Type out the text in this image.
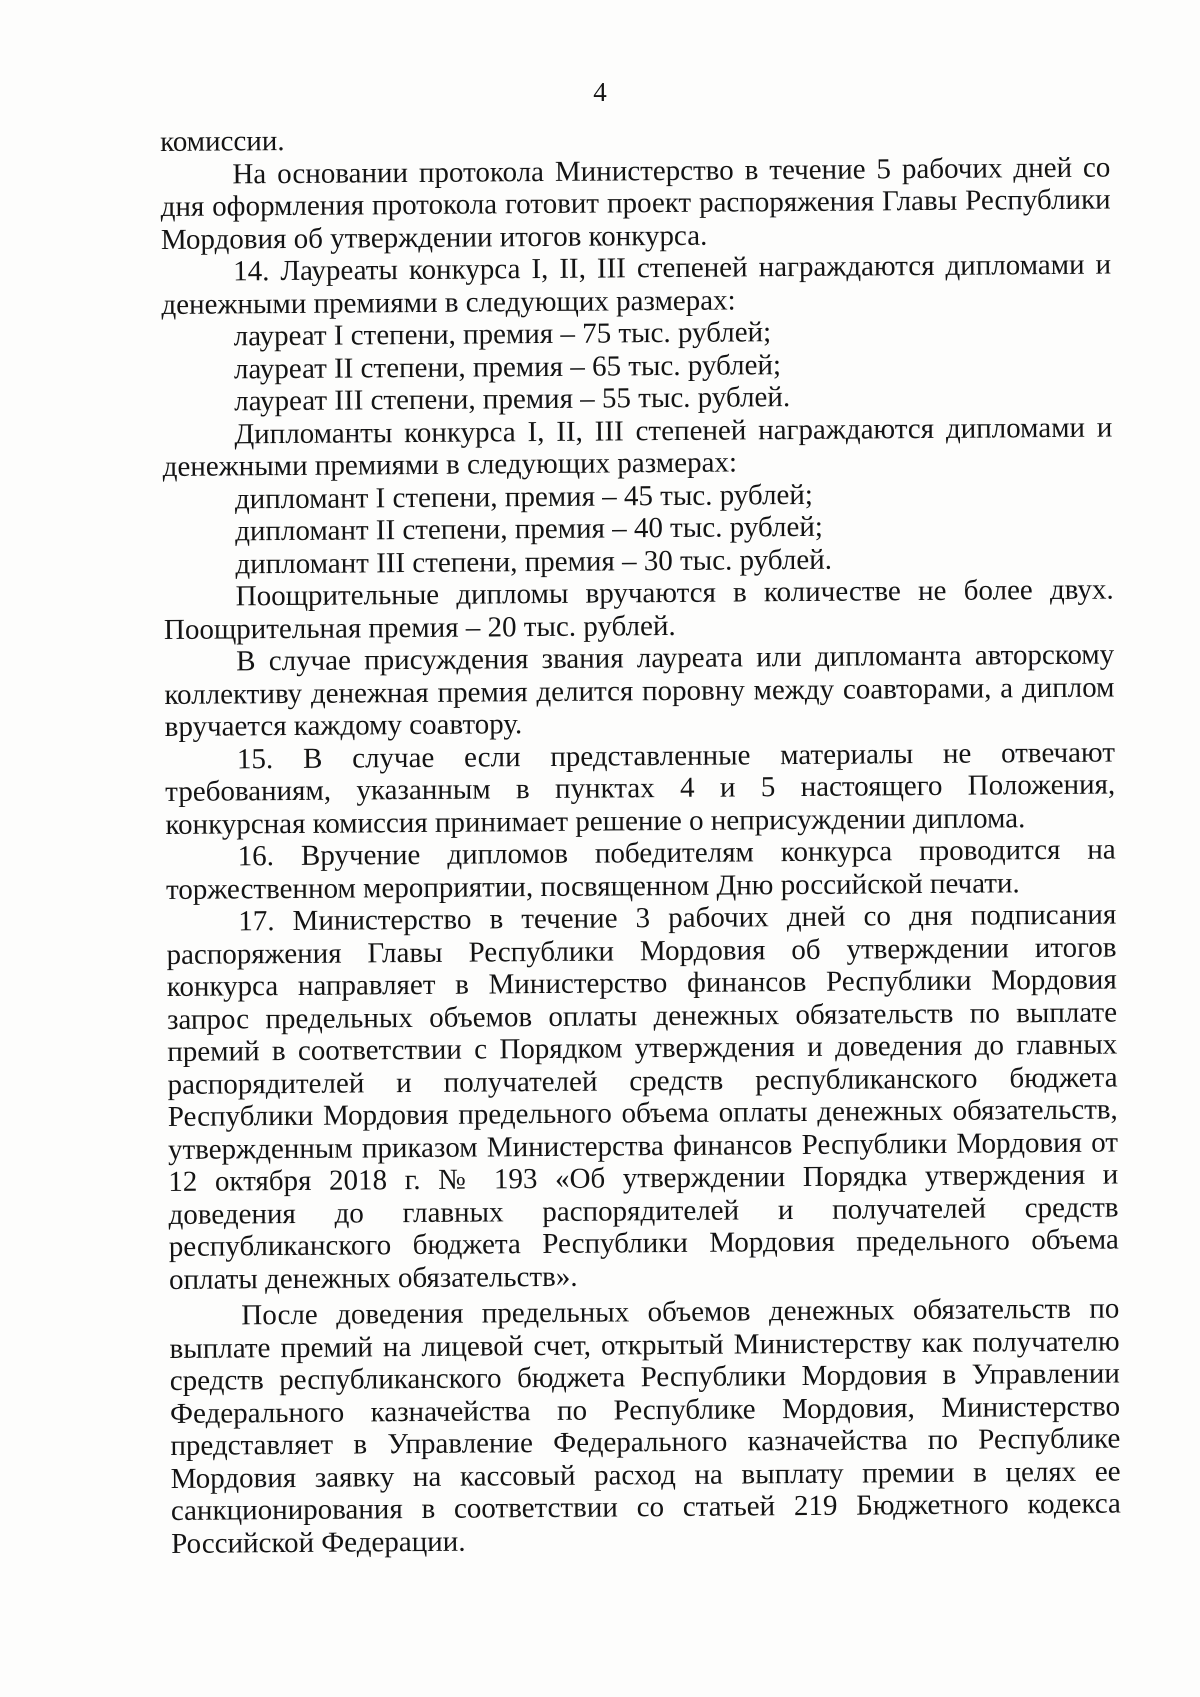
4

комиссии.

На основании протокола Министерство в течение 5 рабочих дней со дня оформления протокола готовит проект распоряжения Главы Республики Мордовия об утверждении итогов конкурса.

14. Лауреаты конкурса I, II, III степеней награждаются дипломами и денежными премиями в следующих размерах:

лауреат I степени, премия – 75 тыс. рублей;

лауреат II степени, премия – 65 тыс. рублей;

лауреат III степени, премия – 55 тыс. рублей.

Дипломанты конкурса I, II, III степеней награждаются дипломами и денежными премиями в следующих размерах:

дипломант I степени, премия – 45 тыс. рублей;

дипломант II степени, премия – 40 тыс. рублей;

дипломант III степени, премия – 30 тыс. рублей.

Поощрительные дипломы вручаются в количестве не более двух. Поощрительная премия – 20 тыс. рублей.

В случае присуждения звания лауреата или дипломанта авторскому коллективу денежная премия делится поровну между соавторами, а диплом вручается каждому соавтору.

15. В случае если представленные материалы не отвечают требованиям, указанным в пунктах 4 и 5 настоящего Положения, конкурсная комиссия принимает решение о неприсуждении диплома.

16. Вручение дипломов победителям конкурса проводится на торжественном мероприятии, посвященном Дню российской печати.

17. Министерство в течение 3 рабочих дней со дня подписания распоряжения Главы Республики Мордовия об утверждении итогов конкурса направляет в Министерство финансов Республики Мордовия запрос предельных объемов оплаты денежных обязательств по выплате премий в соответствии с Порядком утверждения и доведения до главных распорядителей и получателей средств республиканского бюджета Республики Мордовия предельного объема оплаты денежных обязательств, утвержденным приказом Министерства финансов Республики Мордовия от 12 октября 2018 г. № 193 «Об утверждении Порядка утверждения и доведения до главных распорядителей и получателей средств республиканского бюджета Республики Мордовия предельного объема оплаты денежных обязательств».

После доведения предельных объемов денежных обязательств по выплате премий на лицевой счет, открытый Министерству как получателю средств республиканского бюджета Республики Мордовия в Управлении Федерального казначейства по Республике Мордовия, Министерство представляет в Управление Федерального казначейства по Республике Мордовия заявку на кассовый расход на выплату премии в целях ее санкционирования в соответствии со статьей 219 Бюджетного кодекса Российской Федерации.
